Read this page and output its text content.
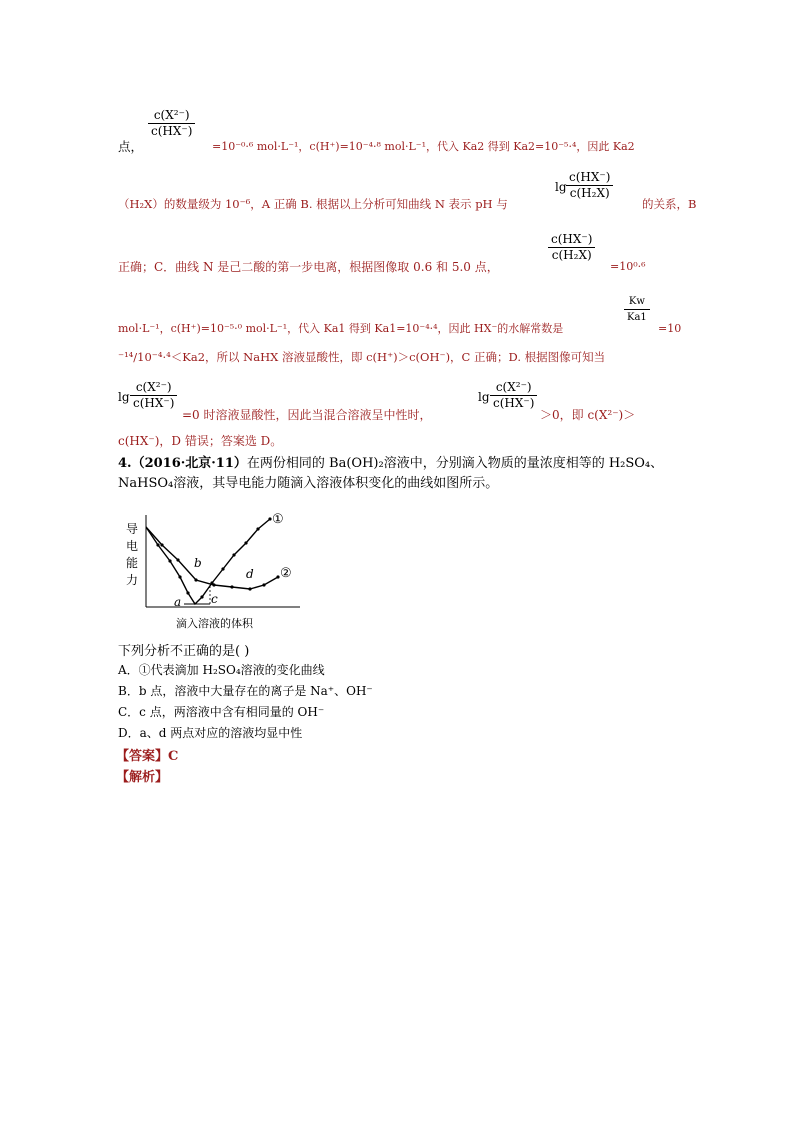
点，
$\frac{\text{c(X²⁻)}}{c(HX^-)}$
=10⁻⁰·⁶ mol·L⁻¹，c(H⁺)=10⁻⁴·⁸ mol·L⁻¹，代入 Ka2 得到 Ka2=10⁻⁵·⁴，因此 Ka2
（H₂X）的数量级为 10⁻⁶，A 正确 B. 根据以上分析可知曲线 N 表示 pH 与
$\lg \frac{c(HX^-)}{\text{c(H₂X)}}$
的关系，B
正确；C．曲线 N 是己二酸的第一步电离，根据图像取 0.6 和 5.0 点，
$\frac{c(HX^-)}{\text{c(H₂X)}}$
=10⁰·⁶
$\frac{Kw}{Ka1}$
mol·L⁻¹，c(H⁺)=10⁻⁵·⁰ mol·L⁻¹，代入 Ka1 得到 Ka1=10⁻⁴·⁴，因此 HX⁻的水解常数是	=10
⁻¹⁴/10⁻⁴·⁴＜Ka2，所以 NaHX 溶液显酸性，即 c(H⁺)＞c(OH⁻)，C 正确；D. 根据图像可知当
$\lg \frac{\text{c(X²⁻)}}{c(HX^-)}$
=0 时溶液显酸性，因此当混合溶液呈中性时，
$\lg \frac{\text{c(X²⁻)}}{c(HX^-)}$
＞0，即 c(X²⁻)＞
c(HX⁻)，D 错误；答案选 D。
4.（2016·北京·11）在两份相同的 Ba(OH)₂溶液中，分别滴入物质的量浓度相等的 H₂SO₄、
NaHSO₄溶液，其导电能力随滴入溶液体积变化的曲线如图所示。
导
电
能
力
a
b
c
d
①
②
滴入溶液的体积
下列分析不正确的是( )
A．①代表滴加 H₂SO₄溶液的变化曲线
B．b 点，溶液中大量存在的离子是 Na⁺、OH⁻
C．c 点，两溶液中含有相同量的 OH⁻
D．a、d 两点对应的溶液均显中性
【答案】C
【解析】
